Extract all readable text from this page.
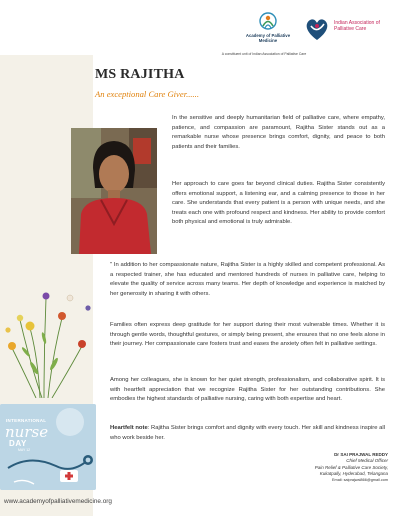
Academy of Palliative Medicine
Indian Association of Palliative Care
A constituent unit of Indian Association of Palliative Care
MS RAJITHA
An exceptional Care Giver......
In the sensitive and deeply humanitarian field of palliative care, where empathy, patience, and compassion are paramount, Rajitha Sister stands out as a remarkable nurse whose presence brings comfort, dignity, and peace to both patients and their families.
Her approach to care goes far beyond clinical duties. Rajitha Sister consistently offers emotional support, a listening ear, and a calming presence to those in her care. She understands that every patient is a person with unique needs, and she treats each one with profound respect and kindness. Her ability to provide comfort both physical and emotional is truly admirable.
" In addition to her compassionate nature, Rajitha Sister is a highly skilled and competent professional. As a respected trainer, she has educated and mentored hundreds of nurses in palliative care, helping to elevate the quality of service across many teams. Her depth of knowledge and experience is matched by her generosity in sharing it with others.
Families often express deep gratitude for her support during their most vulnerable times. Whether it is through gentle words, thoughtful gestures, or simply being present, she ensures that no one feels alone in their journey. Her compassionate care fosters trust and eases the anxiety often felt in palliative settings.
Among her colleagues, she is known for her quiet strength, professionalism, and collaborative spirit. It is with heartfelt appreciation that we recognize Rajitha Sister for her outstanding contributions. She embodies the highest standards of palliative nursing, caring with both expertise and heart.
Heartfelt note: Rajitha Sister brings comfort and dignity with every touch. Her skill and kindness inspire all who work beside her.
Dr SAI PRAJWAL REDDY
Chief Medical Officer
Pain Relief & Palliative Care Society,
Kukatpally, Hyderabad, Telangana
Email: saiprajwal866@gmail.com
INTERNATIONAL
nurse
DAY
MAY 12
www.academyofpalliativemedicine.org
